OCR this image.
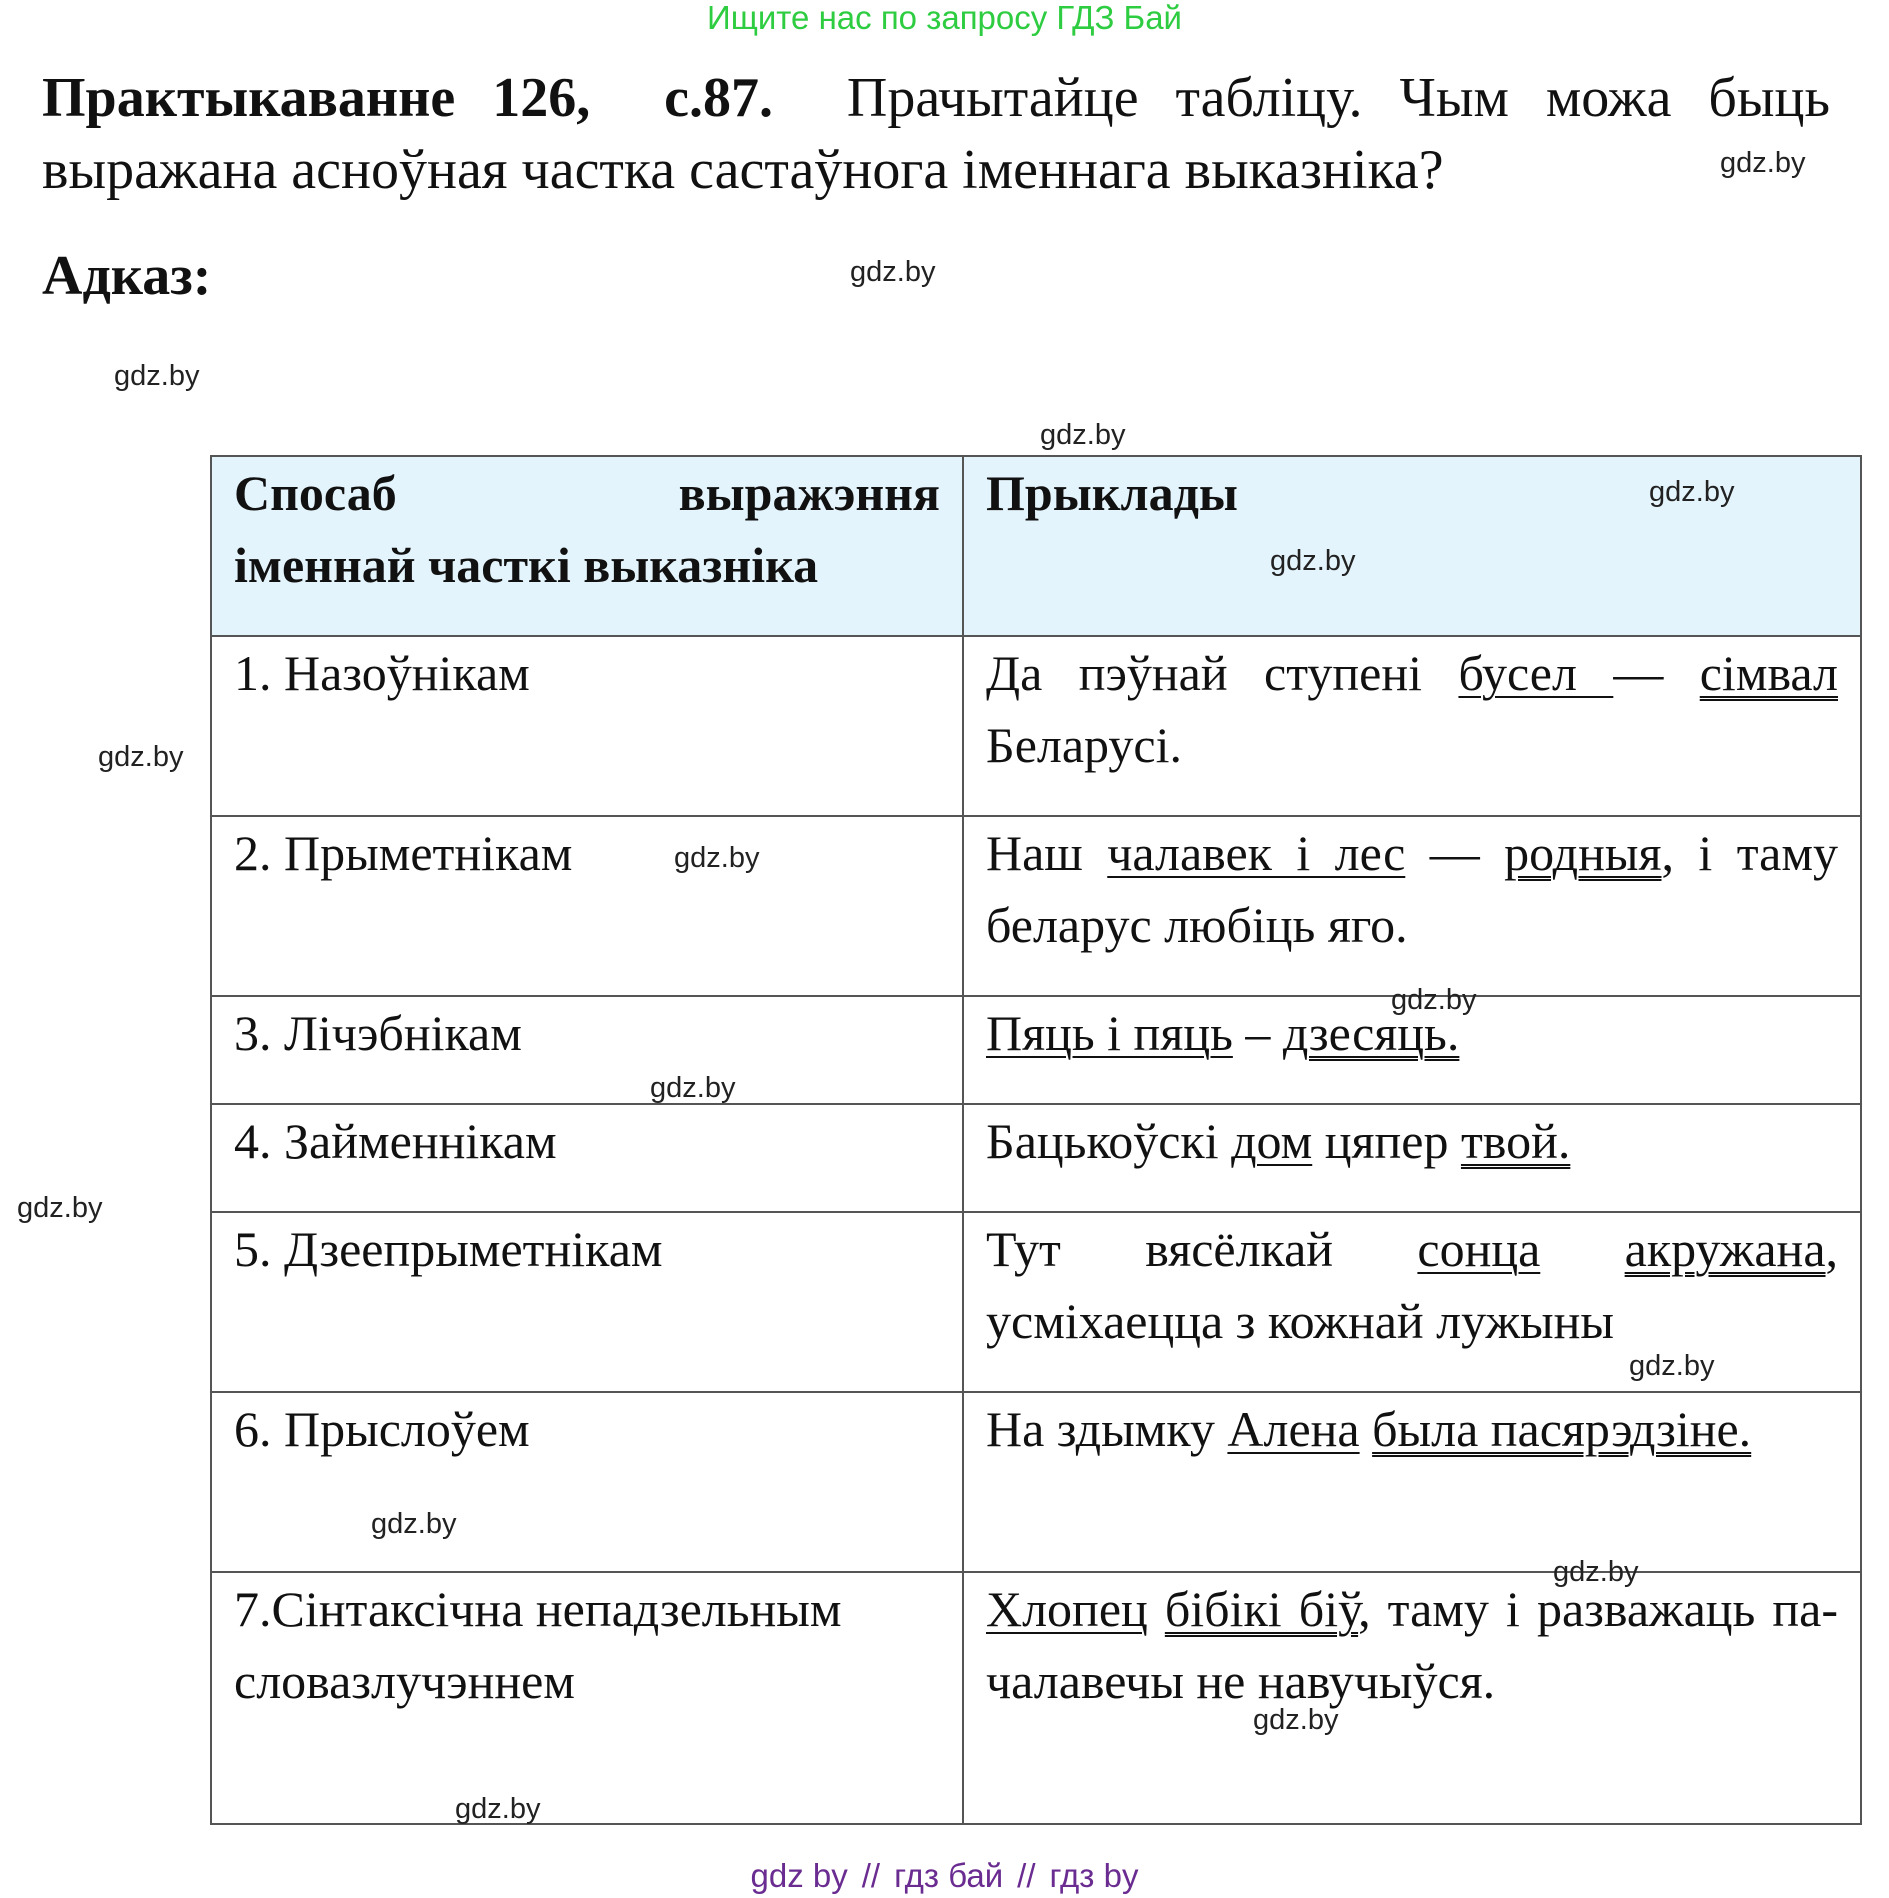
Ищите нас по запросу ГДЗ Бай
Практыкаванне 126, с.87. Прачытайце табліцу. Чым можа быць выражана асноўная частка састаўнога іменнага выказніка?
Адказ:
gdz.by
gdz.by
gdz.by
gdz.by
Спосаб выражэння
іменнай часткі выказніка	Прыклады
1. Назоўнікам	Да пэўнай ступені бусел — сімвал Беларусі.
2. Прыметнікам	Наш чалавек і лес — родныя, і таму беларус любіць яго.
3. Лічэбнікам	Пяць і пяць – дзесяць.
4. Займеннікам	Бацькоўскі дом цяпер твой.
5. Дзеепрыметнікам	Тут вясёлкай сонца акружана, усміхаецца з кожнай лужыны
6. Прыслоўем	На здымку Алена была пасярэдзіне.
7.Сінтаксічна непадзельным словазлучэннем	Хлопец бібікі біў, таму і разважаць па-чалавечы не навучыўся.
gdz.by
gdz.by
gdz.by
gdz.by
gdz.by
gdz.by
gdz.by
gdz.by
gdz.by
gdz.by
gdz.by
gdz.by
gdz by // гдз бай // гдз by
